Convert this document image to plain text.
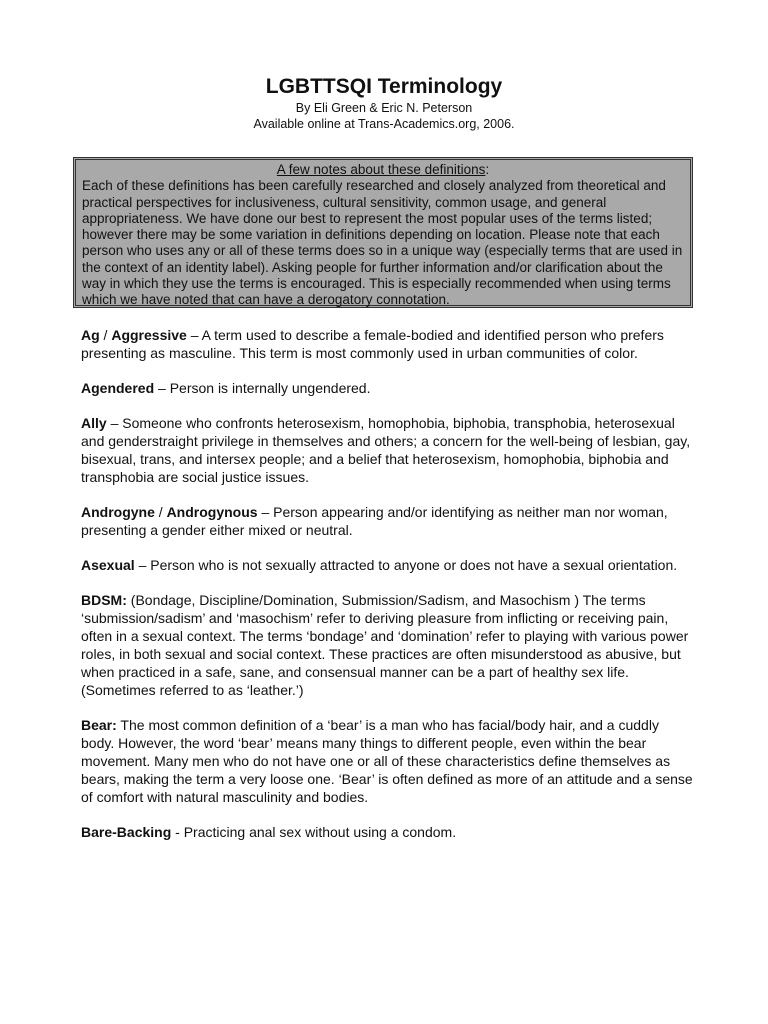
LGBTTSQI Terminology
By Eli Green & Eric N. Peterson
Available online at Trans-Academics.org, 2006.
A few notes about these definitions:
Each of these definitions has been carefully researched and closely analyzed from theoretical and practical perspectives for inclusiveness, cultural sensitivity, common usage, and general appropriateness. We have done our best to represent the most popular uses of the terms listed; however there may be some variation in definitions depending on location. Please note that each person who uses any or all of these terms does so in a unique way (especially terms that are used in the context of an identity label). Asking people for further information and/or clarification about the way in which they use the terms is encouraged. This is especially recommended when using terms which we have noted that can have a derogatory connotation.

Ag / Aggressive – A term used to describe a female-bodied and identified person who prefers presenting as masculine. This term is most commonly used in urban communities of color.

Agendered – Person is internally ungendered.

Ally – Someone who confronts heterosexism, homophobia, biphobia, transphobia, heterosexual and genderstraight privilege in themselves and others; a concern for the well-being of lesbian, gay, bisexual, trans, and intersex people; and a belief that heterosexism, homophobia, biphobia and transphobia are social justice issues.

Androgyne / Androgynous – Person appearing and/or identifying as neither man nor woman, presenting a gender either mixed or neutral.

Asexual – Person who is not sexually attracted to anyone or does not have a sexual orientation.

BDSM: (Bondage, Discipline/Domination, Submission/Sadism, and Masochism ) The terms ‘submission/sadism’ and ‘masochism’ refer to deriving pleasure from inflicting or receiving pain, often in a sexual context. The terms ‘bondage’ and ‘domination’ refer to playing with various power roles, in both sexual and social context. These practices are often misunderstood as abusive, but when practiced in a safe, sane, and consensual manner can be a part of healthy sex life. (Sometimes referred to as ‘leather.’)

Bear: The most common definition of a ‘bear’ is a man who has facial/body hair, and a cuddly body. However, the word ‘bear’ means many things to different people, even within the bear movement. Many men who do not have one or all of these characteristics define themselves as bears, making the term a very loose one. ‘Bear’ is often defined as more of an attitude and a sense of comfort with natural masculinity and bodies.

Bare-Backing - Practicing anal sex without using a condom.
